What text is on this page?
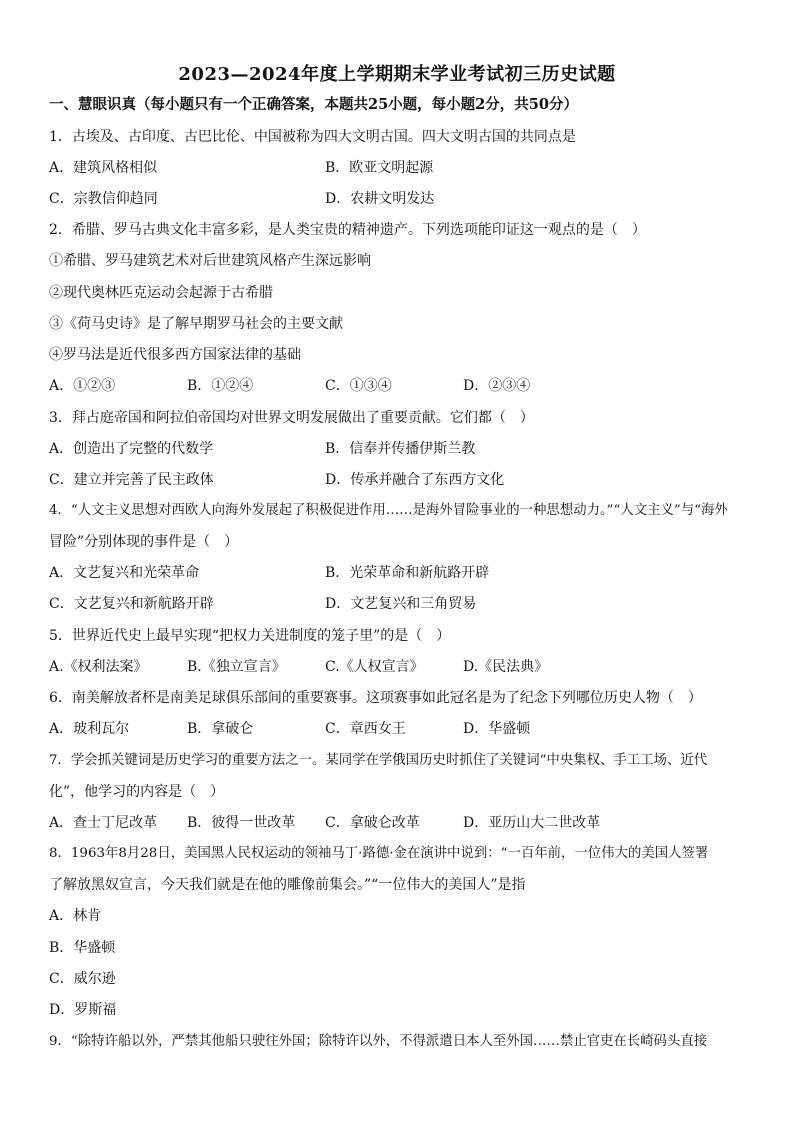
2023—2024年度上学期期末学业考试初三历史试题
一、慧眼识真（每小题只有一个正确答案，本题共25小题，每小题2分，共50分）
1．古埃及、古印度、古巴比伦、中国被称为四大文明古国。四大文明古国的共同点是
A．建筑风格相似	B．欧亚文明起源
C．宗教信仰趋同	D．农耕文明发达
2．希腊、罗马古典文化丰富多彩，是人类宝贵的精神遗产。下列选项能印证这一观点的是（　）
①希腊、罗马建筑艺术对后世建筑风格产生深远影响
②现代奥林匹克运动会起源于古希腊
③《荷马史诗》是了解早期罗马社会的主要文献
④罗马法是近代很多西方国家法律的基础
A．①②③	B．①②④	C．①③④	D．②③④
3．拜占庭帝国和阿拉伯帝国均对世界文明发展做出了重要贡献。它们都（　）
A．创造出了完整的代数学	B．信奉并传播伊斯兰教
C．建立并完善了民主政体	D．传承并融合了东西方文化
4．“人文主义思想对西欧人向海外发展起了积极促进作用……是海外冒险事业的一种思想动力。”“人文主义”与“海外
冒险”分别体现的事件是（　）
A．文艺复兴和光荣革命	B．光荣革命和新航路开辟
C．文艺复兴和新航路开辟	D．文艺复兴和三角贸易
5．世界近代史上最早实现“把权力关进制度的笼子里”的是（　）
A.《权利法案》	B.《独立宣言》	C.《人权宣言》	D.《民法典》
6．南美解放者杯是南美足球俱乐部间的重要赛事。这项赛事如此冠名是为了纪念下列哪位历史人物（　）
A．玻利瓦尔	B．拿破仑	C．章西女王	D．华盛顿
7．学会抓关键词是历史学习的重要方法之一。某同学在学俄国历史时抓住了关键词“中央集权、手工工场、近代
化”，他学习的内容是（　）
A．查士丁尼改革 B．彼得一世改革 C．拿破仑改革	D．亚历山大二世改革
8．1963年8月28日，美国黑人民权运动的领袖马丁·路德·金在演讲中说到：“一百年前，一位伟大的美国人签署
了解放黑奴宣言，今天我们就是在他的雕像前集会。”“一位伟大的美国人”是指
A．林肯
B．华盛顿
C．威尔逊
D．罗斯福
9．“除特许船以外，严禁其他船只驶往外国；除特许以外，不得派遣日本人至外国……禁止官吏在长崎码头直接
